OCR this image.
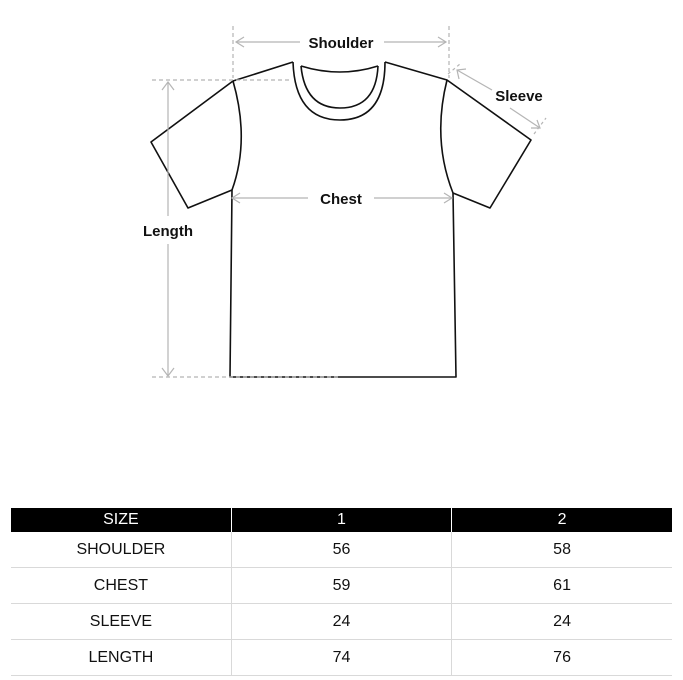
Shoulder
Sleeve
Chest
Length
SIZE	1	2
SHOULDER	56	58
CHEST	59	61
SLEEVE	24	24
LENGTH	74	76
